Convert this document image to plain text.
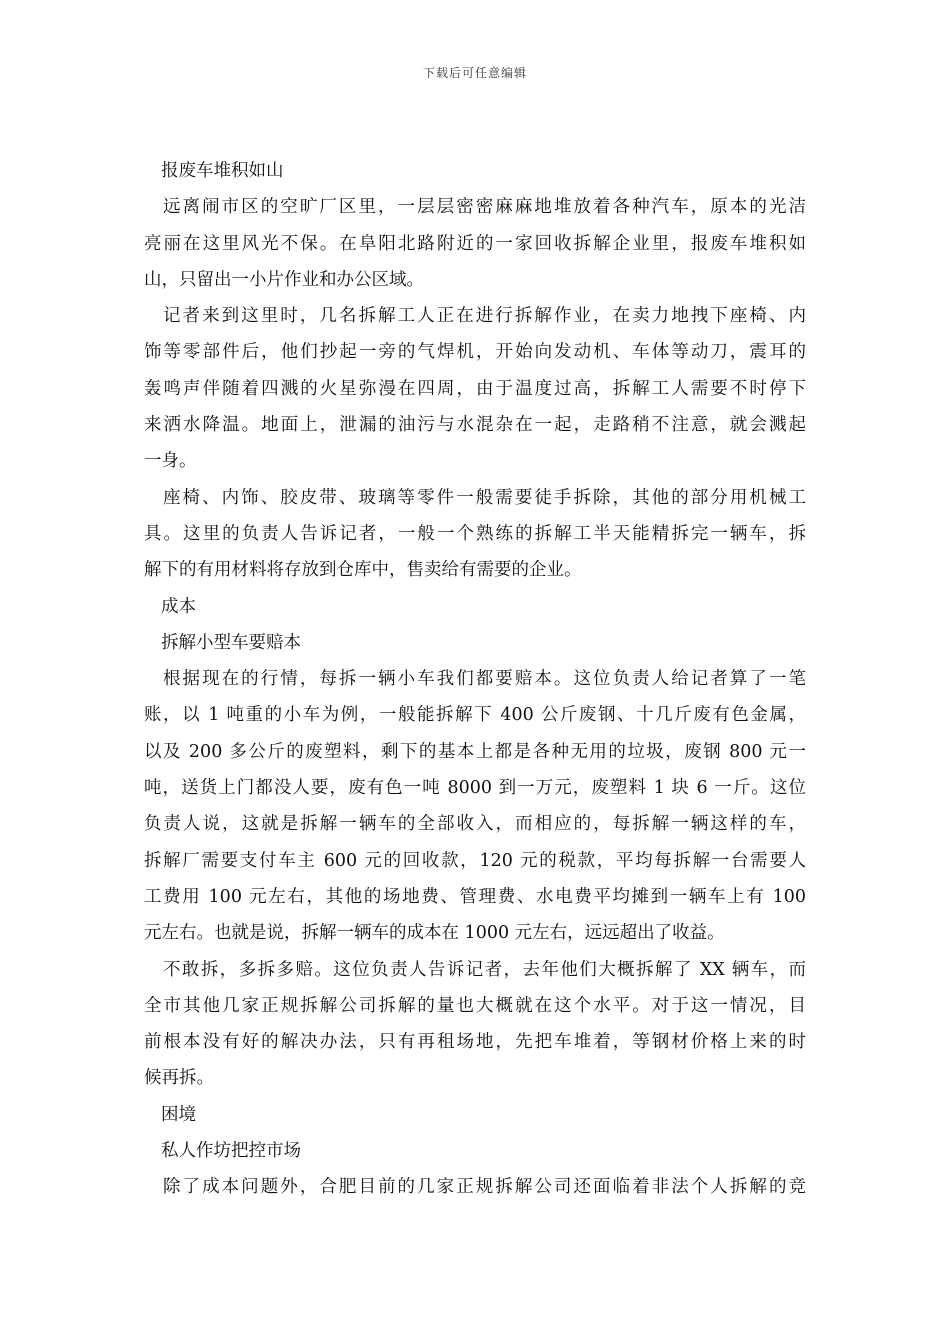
下载后可任意编辑
报废车堆积如山
远离闹市区的空旷厂区里，一层层密密麻麻地堆放着各种汽车，原本的光洁
亮丽在这里风光不保。在阜阳北路附近的一家回收拆解企业里，报废车堆积如
山，只留出一小片作业和办公区域。
记者来到这里时，几名拆解工人正在进行拆解作业，在卖力地拽下座椅、内
饰等零部件后，他们抄起一旁的气焊机，开始向发动机、车体等动刀，震耳的
轰鸣声伴随着四溅的火星弥漫在四周，由于温度过高，拆解工人需要不时停下
来洒水降温。地面上，泄漏的油污与水混杂在一起，走路稍不注意，就会溅起
一身。
座椅、内饰、胶皮带、玻璃等零件一般需要徒手拆除，其他的部分用机械工
具。这里的负责人告诉记者，一般一个熟练的拆解工半天能精拆完一辆车，拆
解下的有用材料将存放到仓库中，售卖给有需要的企业。
成本
拆解小型车要赔本
根据现在的行情，每拆一辆小车我们都要赔本。这位负责人给记者算了一笔
账，以 1 吨重的小车为例，一般能拆解下 400 公斤废钢、十几斤废有色金属，
以及 200 多公斤的废塑料，剩下的基本上都是各种无用的垃圾，废钢 800 元一
吨，送货上门都没人要，废有色一吨 8000 到一万元，废塑料 1 块 6 一斤。这位
负责人说，这就是拆解一辆车的全部收入，而相应的，每拆解一辆这样的车，
拆解厂需要支付车主 600 元的回收款，120 元的税款，平均每拆解一台需要人
工费用 100 元左右，其他的场地费、管理费、水电费平均摊到一辆车上有 100
元左右。也就是说，拆解一辆车的成本在 1000 元左右，远远超出了收益。
不敢拆，多拆多赔。这位负责人告诉记者，去年他们大概拆解了 XX 辆车，而
全市其他几家正规拆解公司拆解的量也大概就在这个水平。对于这一情况，目
前根本没有好的解决办法，只有再租场地，先把车堆着，等钢材价格上来的时
候再拆。
困境
私人作坊把控市场
除了成本问题外，合肥目前的几家正规拆解公司还面临着非法个人拆解的竞
